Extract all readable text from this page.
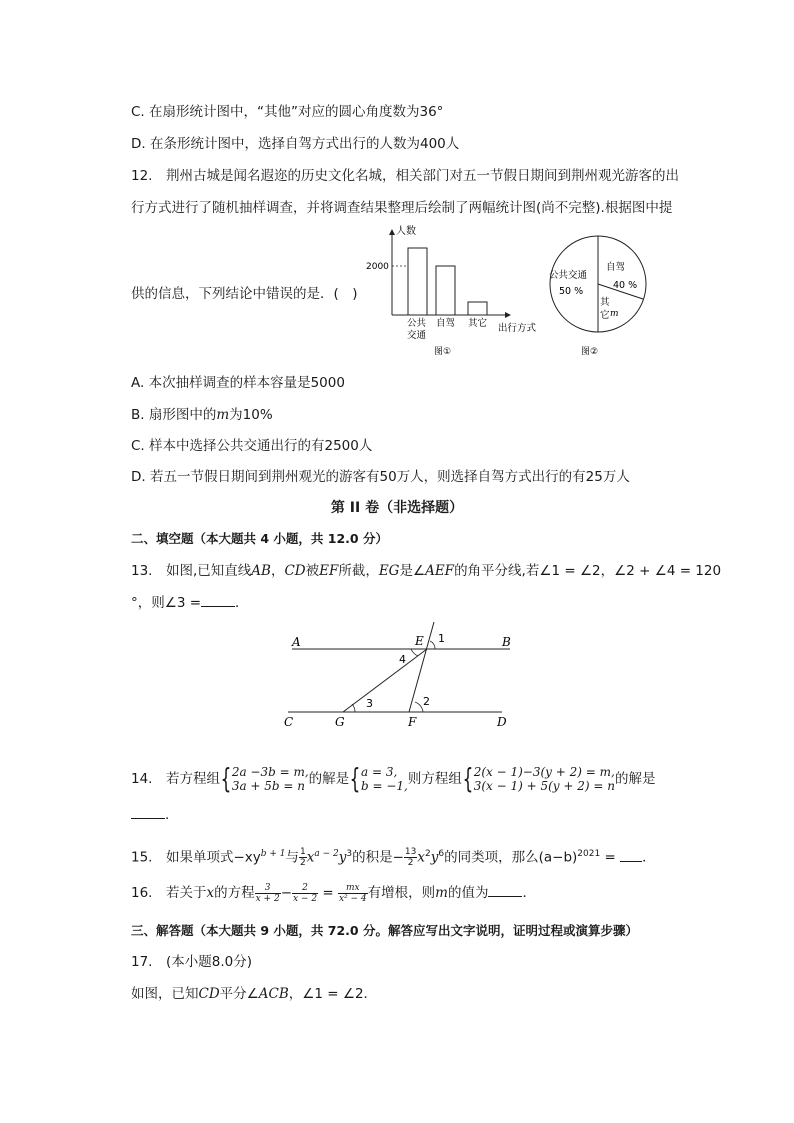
C. 在扇形统计图中，“其他”对应的圆心角度数为36°
D. 在条形统计图中，选择自驾方式出行的人数为400人
12.　荆州古城是闻名遐迩的历史文化名城，相关部门对五一节假日期间到荆州观光游客的出
行方式进行了随机抽样调查，并将调查结果整理后绘制了两幅统计图(尚不完整).根据图中提
供的信息，下列结论中错误的是．(　)
人数
2000
公共
交通
自驾 其它 出行方式
图①
公共交通
50 %
自驾
40 %
其
它 m
图②
A. 本次抽样调查的样本容量是5000
B. 扇形图中的m为10%
C. 样本中选择公共交通出行的有2500人
D. 若五一节假日期间到荆州观光的游客有50万人，则选择自驾方式出行的有25万人
第 II 卷（非选择题）
二、填空题（本大题共 4 小题，共 12.0 分）
13.　如图,已知直线AB，CD被EF所截，EG是∠AEF的角平分线,若∠1 = ∠2，∠2 + ∠4 = 120
°，则∠3 =	．
A	B
C	D
E
F
G
1
2
3
4
14.　若方程组{ 2a −3b = m,
3a + 5b = n 的解是{ a = 3,
b = −1, 则方程组{ 2(x − 1)−3(y + 2) = m,
3(x − 1) + 5(y + 2) = n 的解是
.
15.　如果单项式$-xy^{b + 1}$与 $\frac{1}{2} x^{a - 2}y^3$的积是− $\frac{13}{2} x^2y^6$的同类项，那么$(a-b)^{2021}$ = ．
16.　若关于x的方程 $\frac{3}{x + 2} - \frac{2}{x - 2} = \frac{mx}{\text{x² − 4}}$ 有增根，则m的值为	．
三、解答题（本大题共 9 小题，共 72.0 分。解答应写出文字说明，证明过程或演算步骤）
17.　(本小题8.0分)
如图，已知CD平分∠ACB，∠1 = ∠2．
